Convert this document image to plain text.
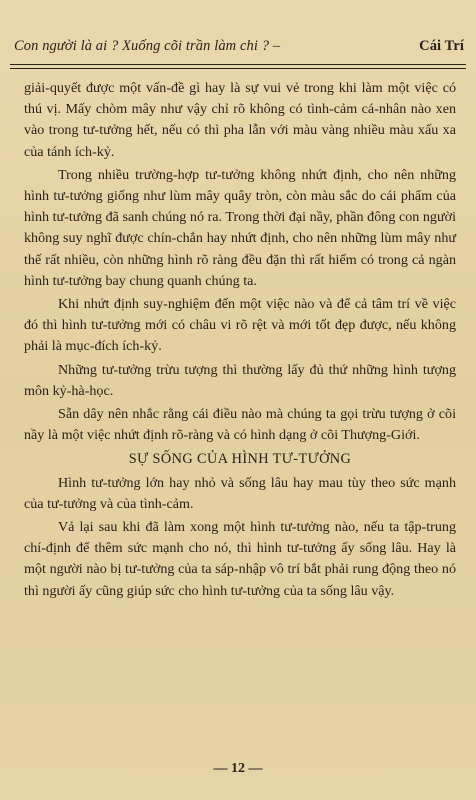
Con người là ai ? Xuống cõi trần làm chi ? –	Cái Trí

giải-quyết được một vấn-đề gì hay là sự vui vẻ trong khi làm một việc có thú vị. Mấy chòm mây như vậy chỉ rõ không có tình-cảm cá-nhân nào xen vào trong tư-tưởng hết, nếu có thì pha lẫn với màu vàng nhiều màu xấu xa của tánh ích-kỷ.

Trong nhiều trường-hợp tư-tưởng không nhứt định, cho nên những hình tư-tưởng giống như lùm mây quây tròn, còn màu sắc do cái phẩm của hình tư-tưởng đã sanh chúng nó ra. Trong thời đại nầy, phần đông con người không suy nghĩ được chín-chắn hay nhứt định, cho nên những lùm mây như thế rất nhiều, còn những hình rõ ràng đều đặn thì rất hiếm có trong cả ngàn hình tư-tưởng bay chung quanh chúng ta.

Khi nhứt định suy-nghiệm đến một việc nào và để cả tâm trí về việc đó thì hình tư-tưởng mới có châu vi rõ rệt và mới tốt đẹp được, nếu không phải là mục-đích ích-kỷ.

Những tư-tưởng trừu tượng thì thường lấy đủ thứ những hình tượng môn kỷ-hà-học.

Sẵn dây nên nhắc rằng cái điều nào mà chúng ta gọi trừu tượng ở cõi nầy là một việc nhứt định rõ-ràng và có hình dạng ở cõi Thượng-Giới.

SỰ SỐNG CỦA HÌNH TƯ-TƯỞNG

Hình tư-tưởng lớn hay nhỏ và sống lâu hay mau tùy theo sức mạnh của tư-tưởng và của tình-cảm.

Vả lại sau khi đã làm xong một hình tư-tưởng nào, nếu ta tập-trung chí-định để thêm sức mạnh cho nó, thì hình tư-tưởng ấy sống lâu. Hay là một người nào bị tư-tưởng của ta sáp-nhập vô trí bắt phải rung động theo nó thì người ấy cũng giúp sức cho hình tư-tưởng của ta sống lâu vậy.

— 12 —
